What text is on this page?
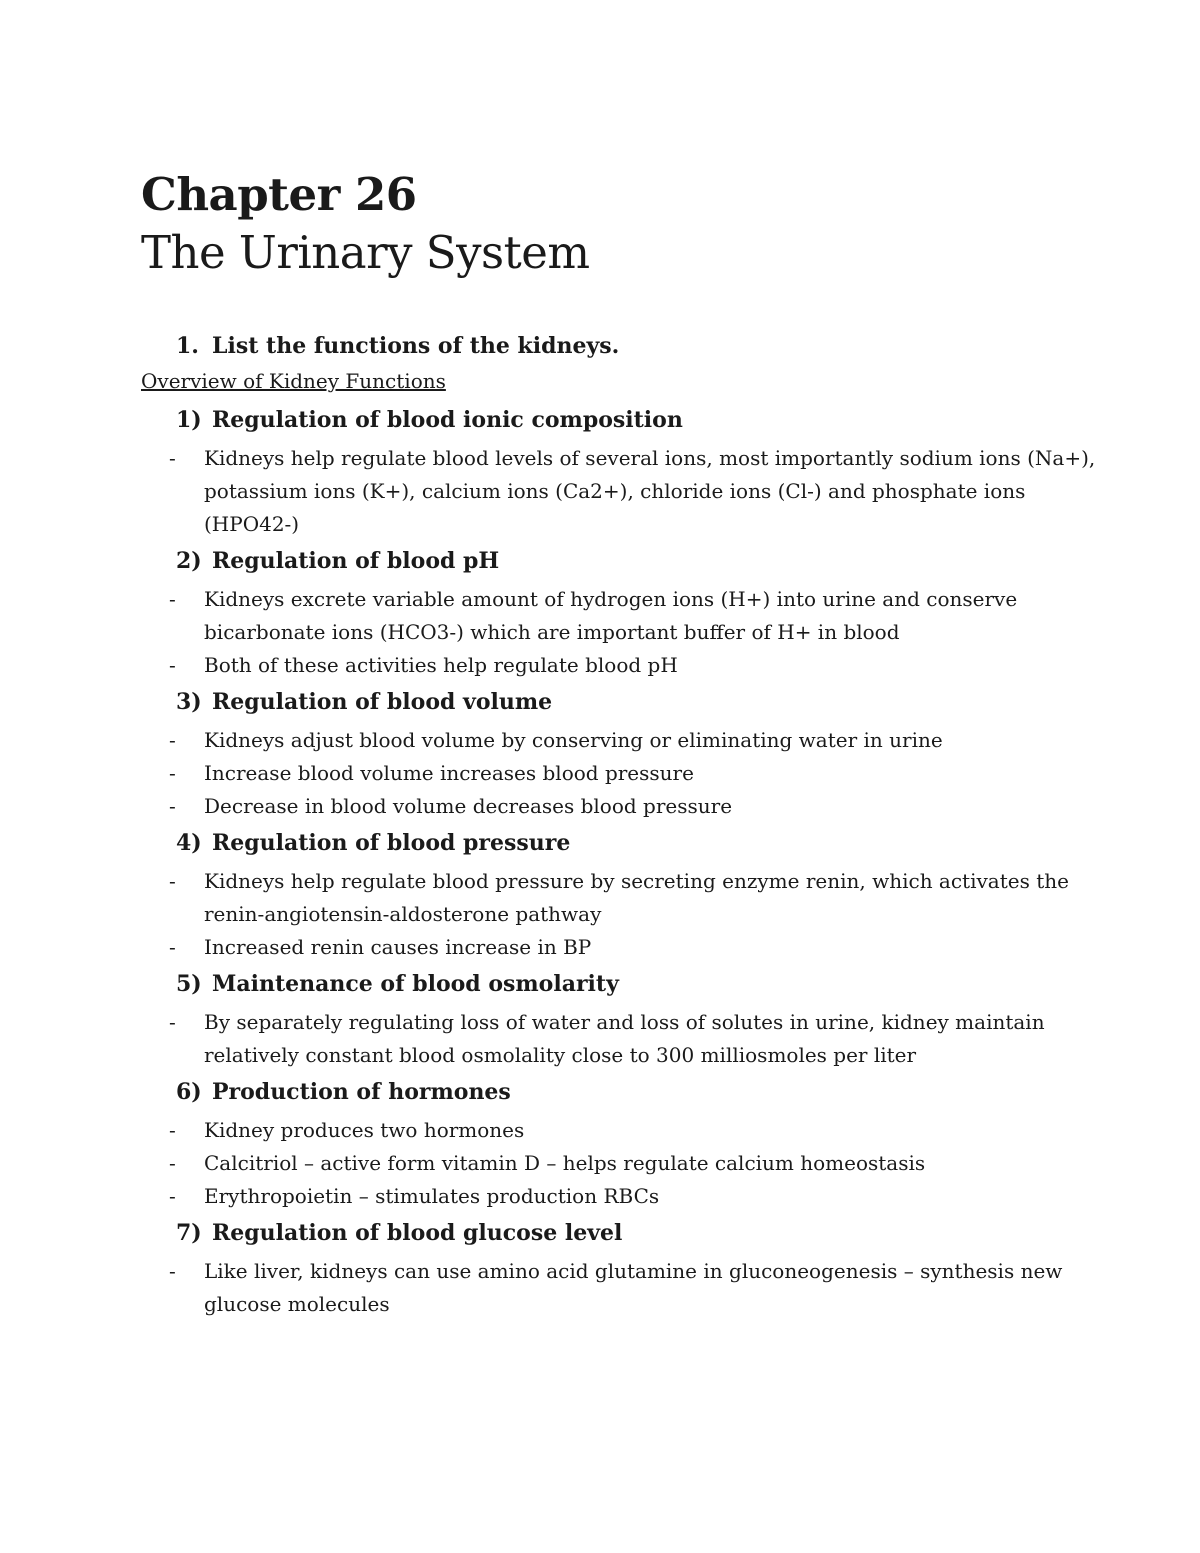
Chapter 26
The Urinary System

1. List the functions of the kidneys.

Overview of Kidney Functions

1) Regulation of blood ionic composition

- Kidneys help regulate blood levels of several ions, most importantly sodium ions (Na+), potassium ions (K+), calcium ions (Ca2+), chloride ions (Cl-) and phosphate ions (HPO42-)

2) Regulation of blood pH

- Kidneys excrete variable amount of hydrogen ions (H+) into urine and conserve bicarbonate ions (HCO3-) which are important buffer of H+ in blood
- Both of these activities help regulate blood pH

3) Regulation of blood volume

- Kidneys adjust blood volume by conserving or eliminating water in urine
- Increase blood volume increases blood pressure
- Decrease in blood volume decreases blood pressure

4) Regulation of blood pressure

- Kidneys help regulate blood pressure by secreting enzyme renin, which activates the renin-angiotensin-aldosterone pathway
- Increased renin causes increase in BP

5) Maintenance of blood osmolarity

- By separately regulating loss of water and loss of solutes in urine, kidney maintain relatively constant blood osmolality close to 300 milliosmoles per liter

6) Production of hormones

- Kidney produces two hormones
- Calcitriol – active form vitamin D – helps regulate calcium homeostasis
- Erythropoietin – stimulates production RBCs

7) Regulation of blood glucose level

- Like liver, kidneys can use amino acid glutamine in gluconeogenesis – synthesis new glucose molecules
